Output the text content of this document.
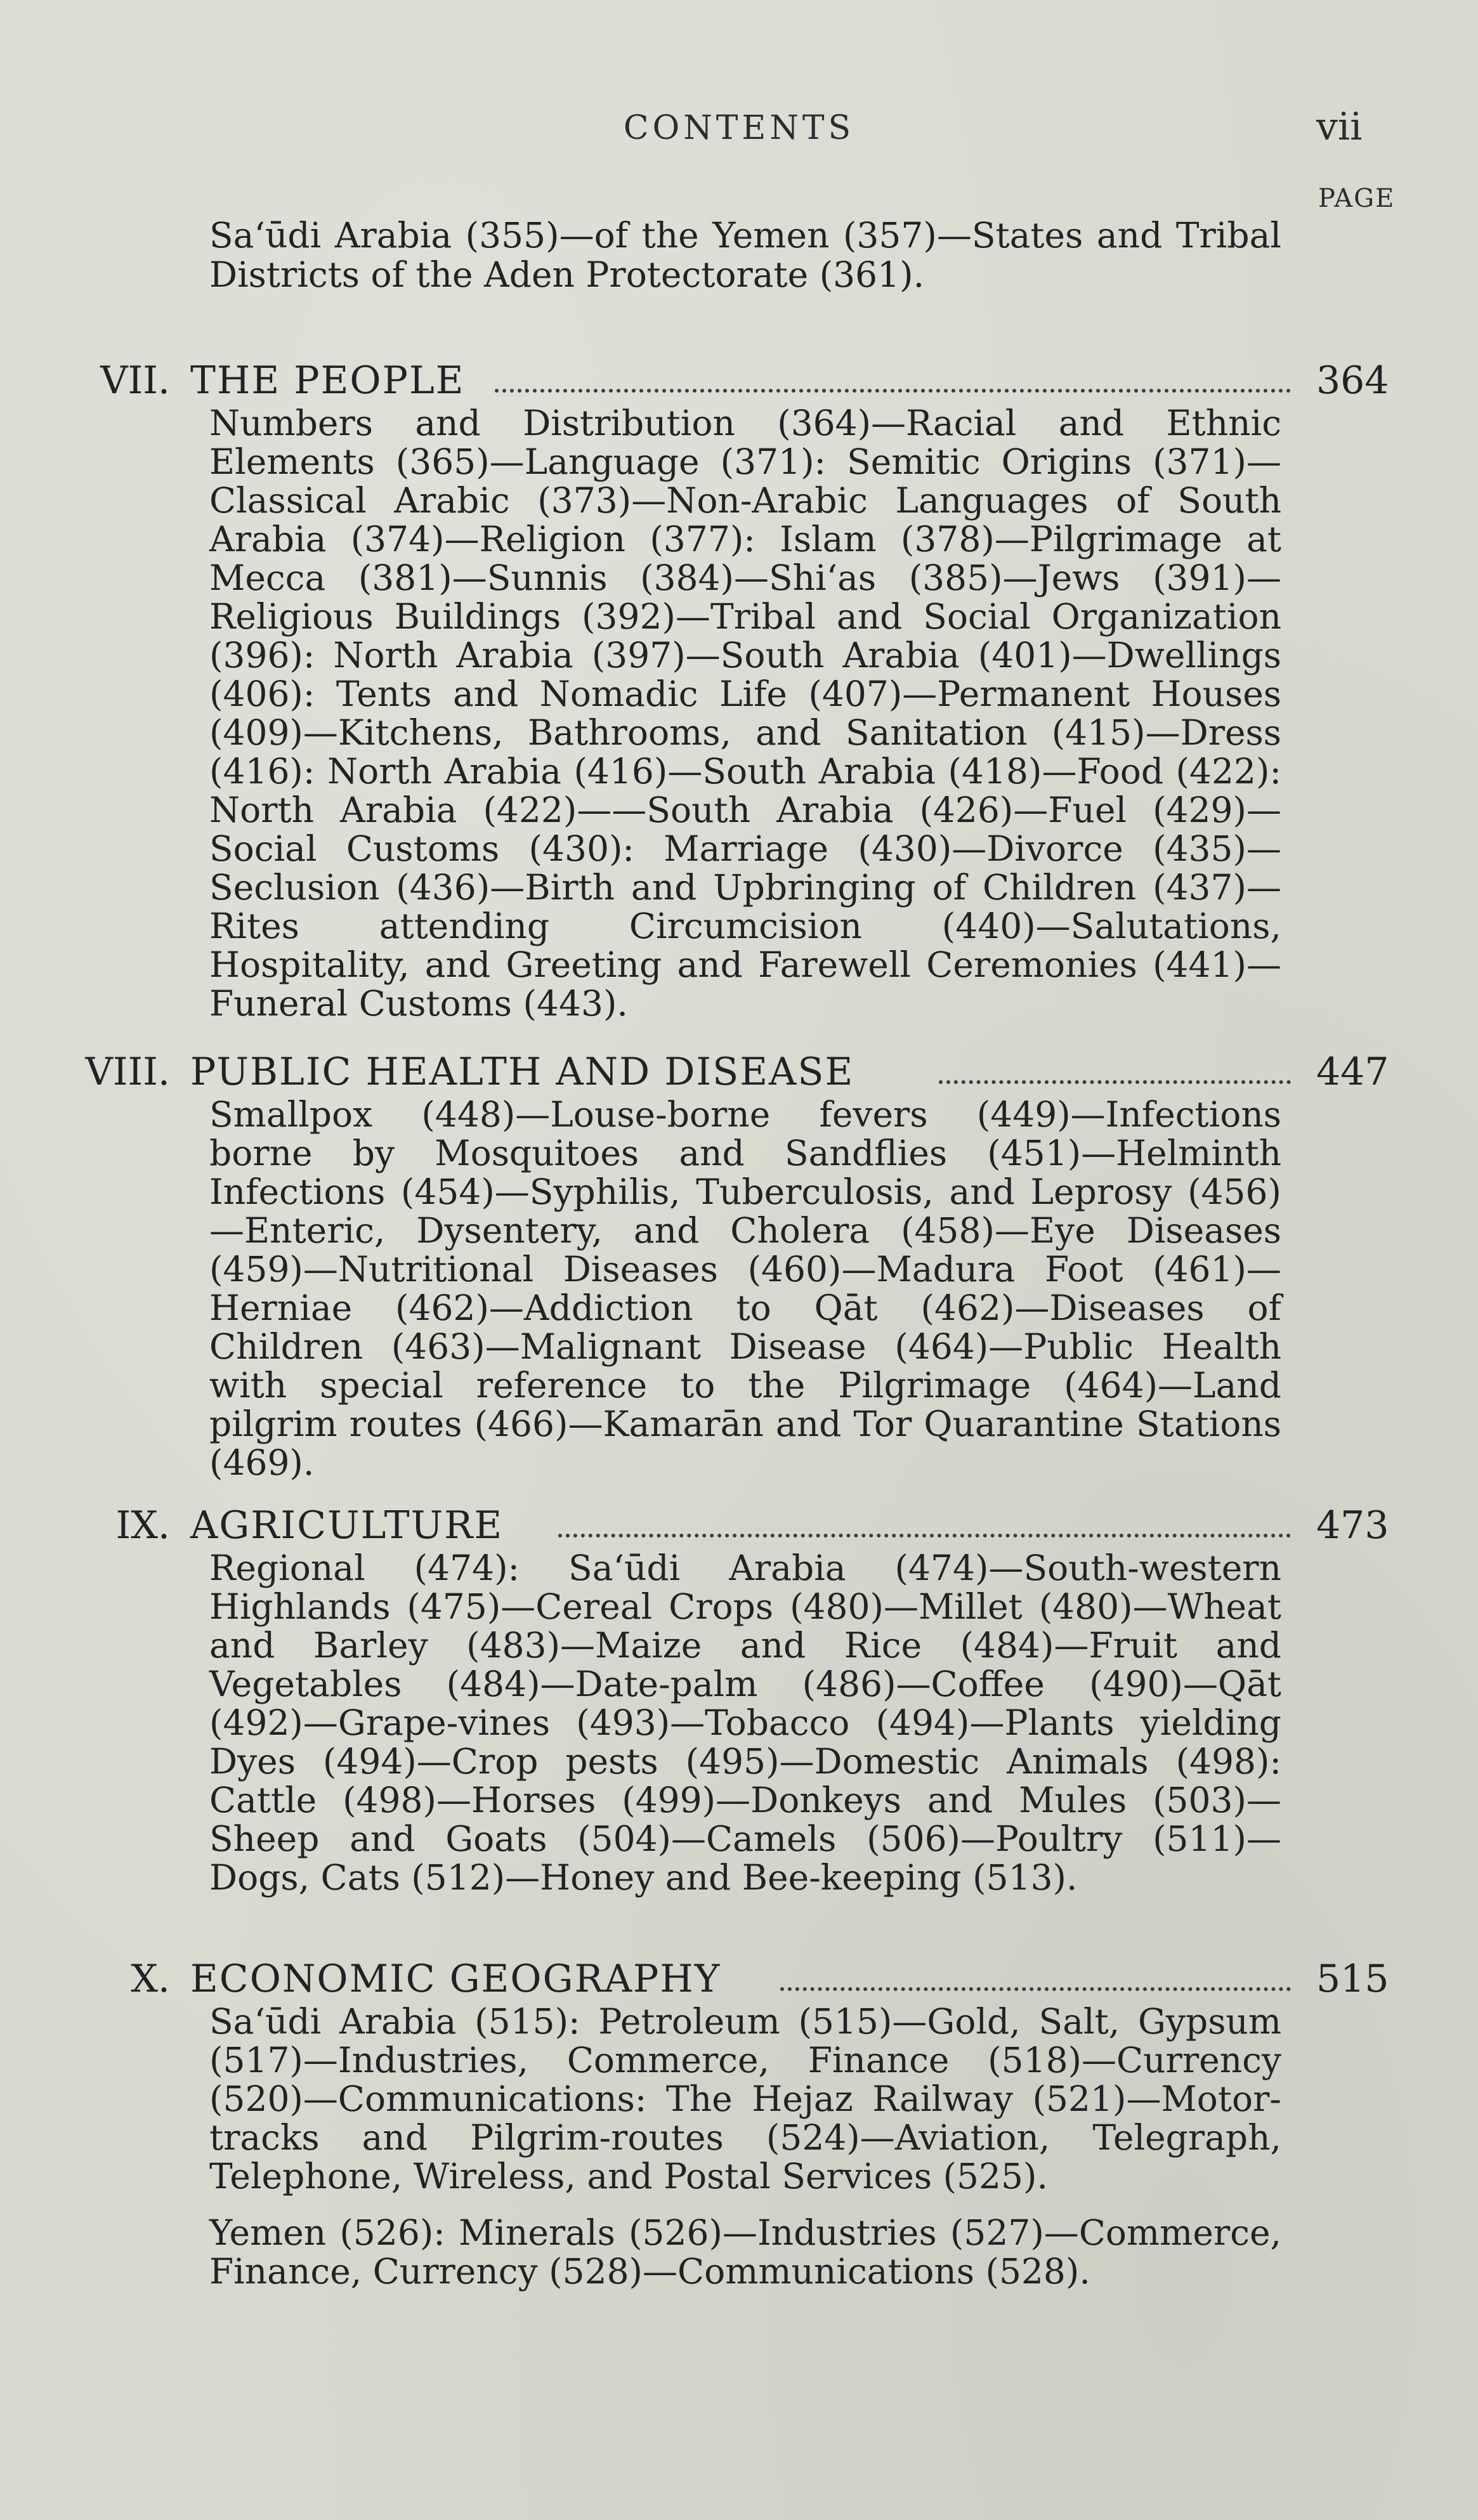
CONTENTS	vii
PAGE
Sa‘ūdi Arabia (355)—of the Yemen (357)—States and Tribal Districts of the Aden Protectorate (361).
VII. THE PEOPLE	364

Numbers and Distribution (364)—Racial and Ethnic Elements (365)—Language (371): Semitic Origins (371)—Classical Arabic (373)—Non-Arabic Languages of South Arabia (374)—Religion (377): Islam (378)—Pilgrimage at Mecca (381)—Sunnis (384)—Shi‘as (385)—Jews (391)—Religious Buildings (392)—Tribal and Social Organization (396): North Arabia (397)—South Arabia (401)—Dwellings (406): Tents and Nomadic Life (407)—Permanent Houses (409)—Kitchens, Bathrooms, and Sanitation (415)—Dress (416): North Arabia (416)—South Arabia (418)—Food (422): North Arabia (422)——South Arabia (426)—Fuel (429)—Social Customs (430): Marriage (430)—Divorce (435)—Seclusion (436)—Birth and Upbringing of Children (437)—Rites attending Circumcision (440)—Salutations, Hospitality, and Greeting and Farewell Ceremonies (441)—Funeral Customs (443).

VIII. PUBLIC HEALTH AND DISEASE	447

Smallpox (448)—Louse-borne fevers (449)—Infections borne by Mosquitoes and Sandflies (451)—Helminth Infections (454)—Syphilis, Tuberculosis, and Leprosy (456)—Enteric, Dysentery, and Cholera (458)—Eye Diseases (459)—Nutritional Diseases (460)—Madura Foot (461)—Herniae (462)—Addiction to Qāt (462)—Diseases of Children (463)—Malignant Disease (464)—Public Health with special reference to the Pilgrimage (464)—Land pilgrim routes (466)—Kamarān and Tor Quarantine Stations (469).

IX. AGRICULTURE	473

Regional (474): Sa‘ūdi Arabia (474)—South-western Highlands (475)—Cereal Crops (480)—Millet (480)—Wheat and Barley (483)—Maize and Rice (484)—Fruit and Vegetables (484)—Date-palm (486)—Coffee (490)—Qāt (492)—Grape-vines (493)—Tobacco (494)—Plants yielding Dyes (494)—Crop pests (495)—Domestic Animals (498): Cattle (498)—Horses (499)—Donkeys and Mules (503)—Sheep and Goats (504)—Camels (506)—Poultry (511)—Dogs, Cats (512)—Honey and Bee-keeping (513).

X. ECONOMIC GEOGRAPHY	515

Sa‘ūdi Arabia (515): Petroleum (515)—Gold, Salt, Gypsum (517)—Industries, Commerce, Finance (518)—Currency (520)—Communications: The Hejaz Railway (521)—Motor-tracks and Pilgrim-routes (524)—Aviation, Telegraph, Telephone, Wireless, and Postal Services (525).

Yemen (526): Minerals (526)—Industries (527)—Commerce, Finance, Currency (528)—Communications (528).
